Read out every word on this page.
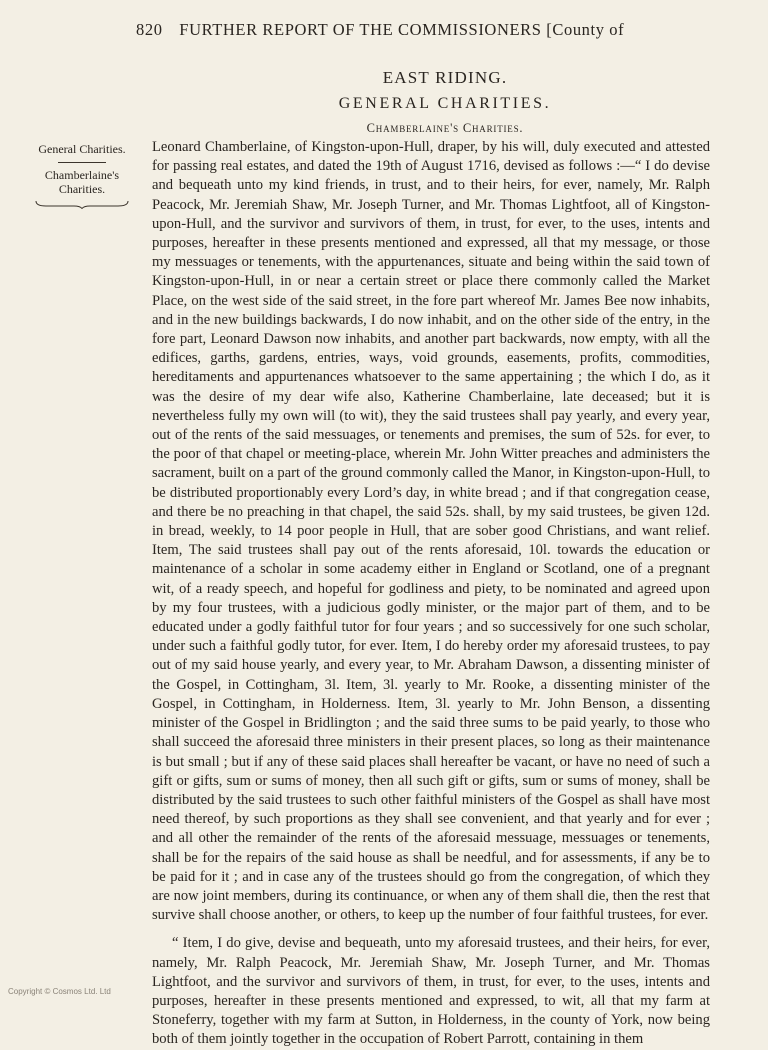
820 FURTHER REPORT OF THE COMMISSIONERS [County of
EAST RIDING.
GENERAL CHARITIES.
Chamberlaine's Charities.
General Charities.
Chamberlaine's Charities.

Leonard Chamberlaine, of Kingston-upon-Hull, draper, by his will, duly executed and attested for passing real estates, and dated the 19th of August 1716, devised as follows :—“ I do devise and bequeath unto my kind friends, in trust, and to their heirs, for ever, namely, Mr. Ralph Peacock, Mr. Jeremiah Shaw, Mr. Joseph Turner, and Mr. Thomas Lightfoot, all of Kingston-upon-Hull, and the survivor and survivors of them, in trust, for ever, to the uses, intents and purposes, hereafter in these presents mentioned and expressed, all that my message, or those my messuages or tenements, with the appurtenances, situate and being within the said town of Kingston-upon-Hull, in or near a certain street or place there commonly called the Market Place, on the west side of the said street, in the fore part whereof Mr. James Bee now inhabits, and in the new buildings backwards, I do now inhabit, and on the other side of the entry, in the fore part, Leonard Dawson now inhabits, and another part backwards, now empty, with all the edifices, garths, gardens, entries, ways, void grounds, easements, profits, commodities, hereditaments and appurtenances whatsoever to the same appertaining ; the which I do, as it was the desire of my dear wife also, Katherine Chamberlaine, late deceased; but it is nevertheless fully my own will (to wit), they the said trustees shall pay yearly, and every year, out of the rents of the said messuages, or tenements and premises, the sum of 52s. for ever, to the poor of that chapel or meeting-place, wherein Mr. John Witter preaches and administers the sacrament, built on a part of the ground commonly called the Manor, in Kingston-upon-Hull, to be distributed proportionably every Lord’s day, in white bread ; and if that congregation cease, and there be no preaching in that chapel, the said 52s. shall, by my said trustees, be given 12d. in bread, weekly, to 14 poor people in Hull, that are sober good Christians, and want relief. Item, The said trustees shall pay out of the rents aforesaid, 10l. towards the education or maintenance of a scholar in some academy either in England or Scotland, one of a pregnant wit, of a ready speech, and hopeful for godliness and piety, to be nominated and agreed upon by my four trustees, with a judicious godly minister, or the major part of them, and to be educated under a godly faithful tutor for four years ; and so successively for one such scholar, under such a faithful godly tutor, for ever. Item, I do hereby order my aforesaid trustees, to pay out of my said house yearly, and every year, to Mr. Abraham Dawson, a dissenting minister of the Gospel, in Cottingham, 3l. Item, 3l. yearly to Mr. Rooke, a dissenting minister of the Gospel, in Cottingham, in Holderness. Item, 3l. yearly to Mr. John Benson, a dissenting minister of the Gospel in Bridlington ; and the said three sums to be paid yearly, to those who shall succeed the aforesaid three ministers in their present places, so long as their maintenance is but small ; but if any of these said places shall hereafter be vacant, or have no need of such a gift or gifts, sum or sums of money, then all such gift or gifts, sum or sums of money, shall be distributed by the said trustees to such other faithful ministers of the Gospel as shall have most need thereof, by such proportions as they shall see convenient, and that yearly and for ever ; and all other the remainder of the rents of the aforesaid messuage, messuages or tenements, shall be for the repairs of the said house as shall be needful, and for assessments, if any be to be paid for it ; and in case any of the trustees should go from the congregation, of which they are now joint members, during its continuance, or when any of them shall die, then the rest that survive shall choose another, or others, to keep up the number of four faithful trustees, for ever.

“ Item, I do give, devise and bequeath, unto my aforesaid trustees, and their heirs, for ever, namely, Mr. Ralph Peacock, Mr. Jeremiah Shaw, Mr. Joseph Turner, and Mr. Thomas Lightfoot, and the survivor and survivors of them, in trust, for ever, to the uses, intents and purposes, hereafter in these presents mentioned and expressed, to wit, all that my farm at Stoneferry, together with my farm at Sutton, in Holderness, in the county of York, now being both of them jointly together in the occupation of Robert Parrott, containing in them

Copyright © Cosmos Ltd. Ltd
